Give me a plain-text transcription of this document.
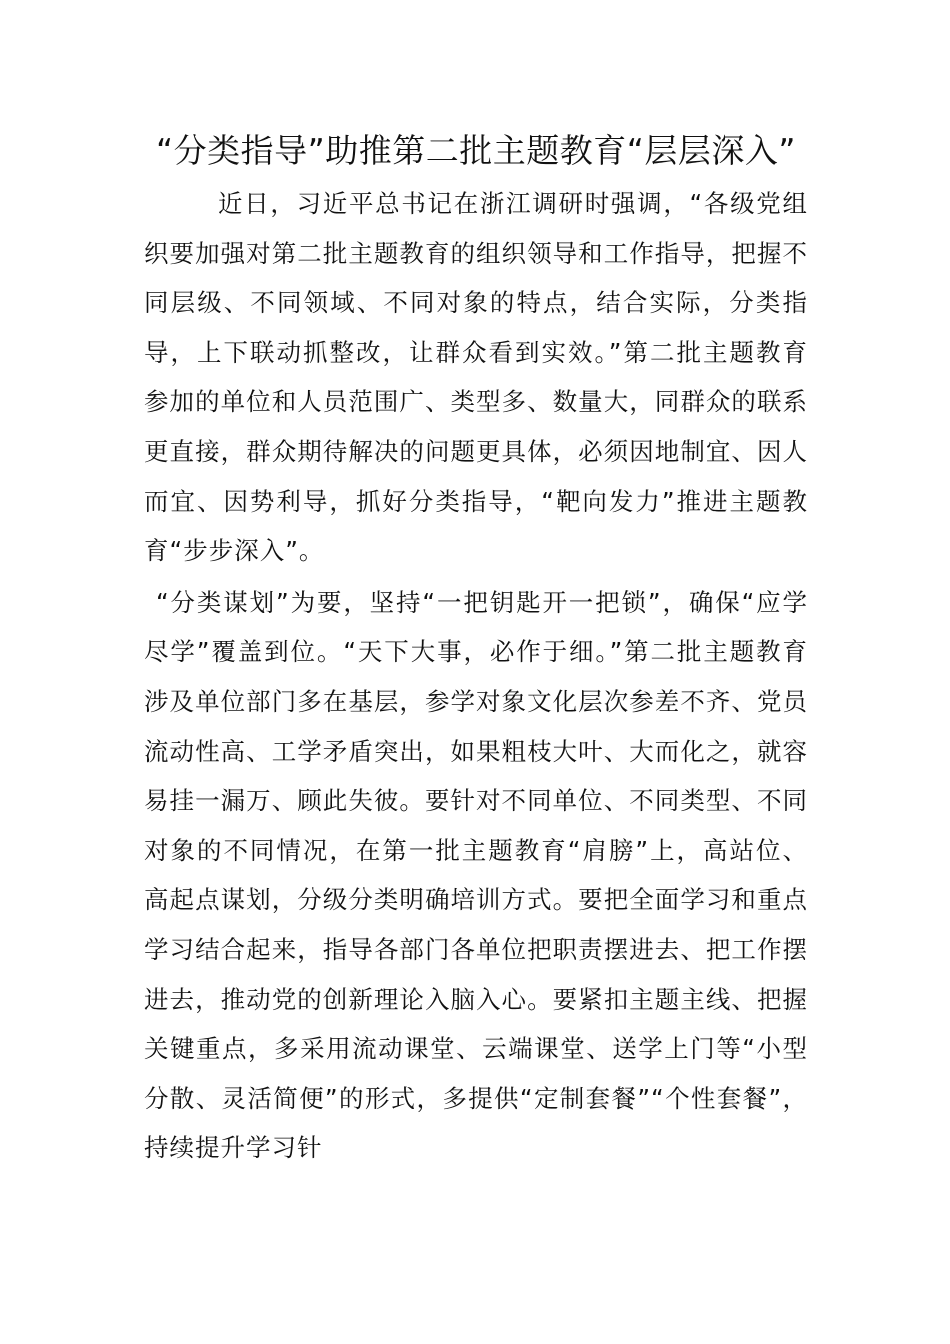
“分类指导”助推第二批主题教育“层层深入”

近日，习近平总书记在浙江调研时强调，“各级党组织要加强对第二批主题教育的组织领导和工作指导，把握不同层级、不同领域、不同对象的特点，结合实际，分类指导，上下联动抓整改，让群众看到实效。”第二批主题教育参加的单位和人员范围广、类型多、数量大，同群众的联系更直接，群众期待解决的问题更具体，必须因地制宜、因人而宜、因势利导，抓好分类指导，“靶向发力”推进主题教育“步步深入”。

“分类谋划”为要，坚持“一把钥匙开一把锁”，确保“应学尽学”覆盖到位。“天下大事，必作于细。”第二批主题教育涉及单位部门多在基层，参学对象文化层次参差不齐、党员流动性高、工学矛盾突出，如果粗枝大叶、大而化之，就容易挂一漏万、顾此失彼。要针对不同单位、不同类型、不同对象的不同情况，在第一批主题教育“肩膀”上，高站位、高起点谋划，分级分类明确培训方式。要把全面学习和重点学习结合起来，指导各部门各单位把职责摆进去、把工作摆进去，推动党的创新理论入脑入心。要紧扣主题主线、把握关键重点，多采用流动课堂、云端课堂、送学上门等“小型分散、灵活简便”的形式，多提供“定制套餐”“个性套餐”，持续提升学习针
